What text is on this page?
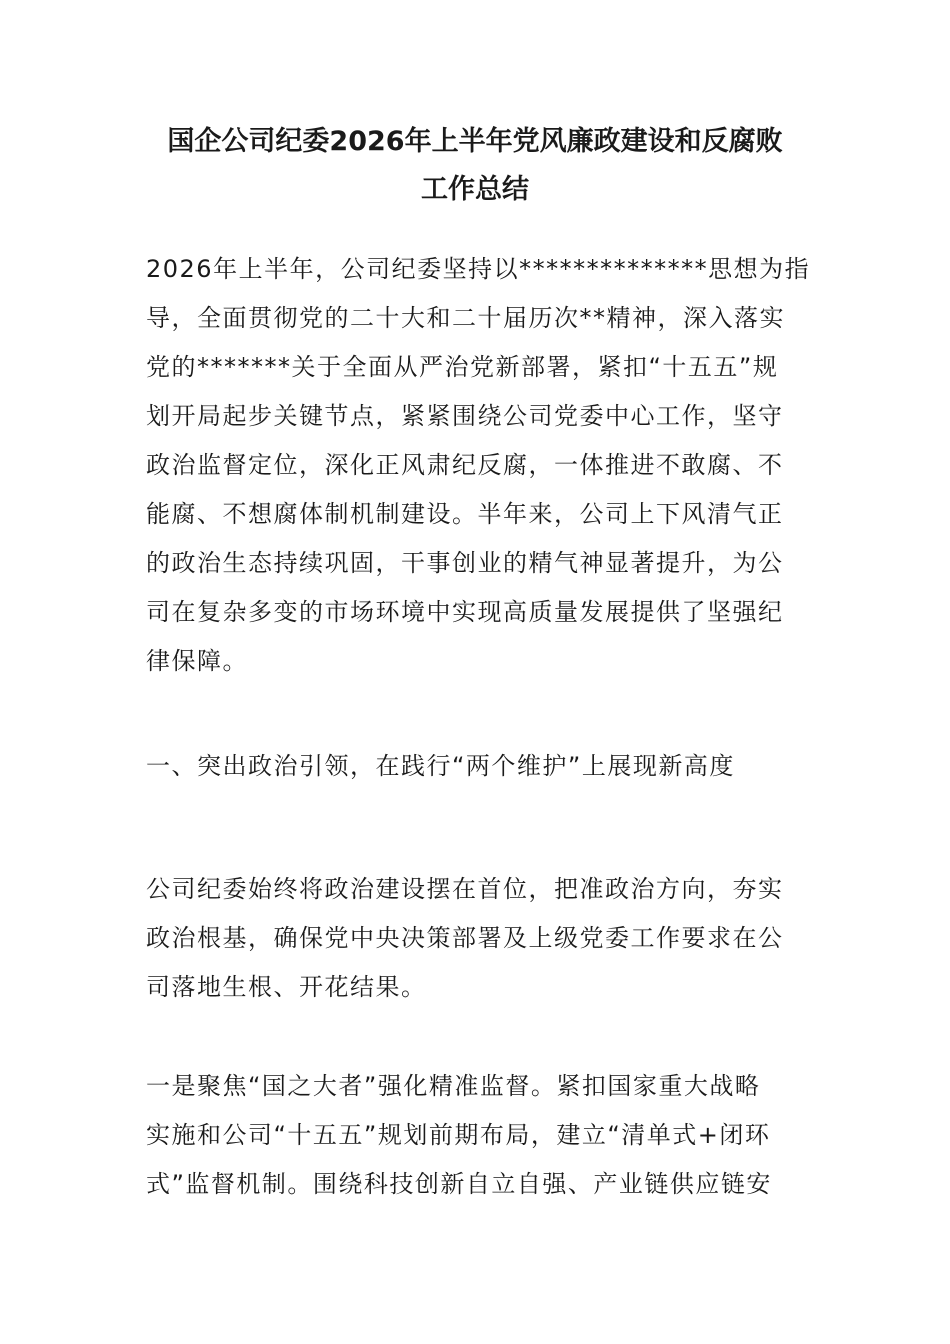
国企公司纪委2026年上半年党风廉政建设和反腐败
工作总结

2026年上半年，公司纪委坚持以**************思想为指
导，全面贯彻党的二十大和二十届历次**精神，深入落实
党的*******关于全面从严治党新部署，紧扣“十五五”规
划开局起步关键节点，紧紧围绕公司党委中心工作，坚守
政治监督定位，深化正风肃纪反腐，一体推进不敢腐、不
能腐、不想腐体制机制建设。半年来，公司上下风清气正
的政治生态持续巩固，干事创业的精气神显著提升，为公
司在复杂多变的市场环境中实现高质量发展提供了坚强纪
律保障。

一、突出政治引领，在践行“两个维护”上展现新高度

公司纪委始终将政治建设摆在首位，把准政治方向，夯实
政治根基，确保党中央决策部署及上级党委工作要求在公
司落地生根、开花结果。

一是聚焦“国之大者”强化精准监督。紧扣国家重大战略
实施和公司“十五五”规划前期布局，建立“清单式+闭环
式”监督机制。围绕科技创新自立自强、产业链供应链安
